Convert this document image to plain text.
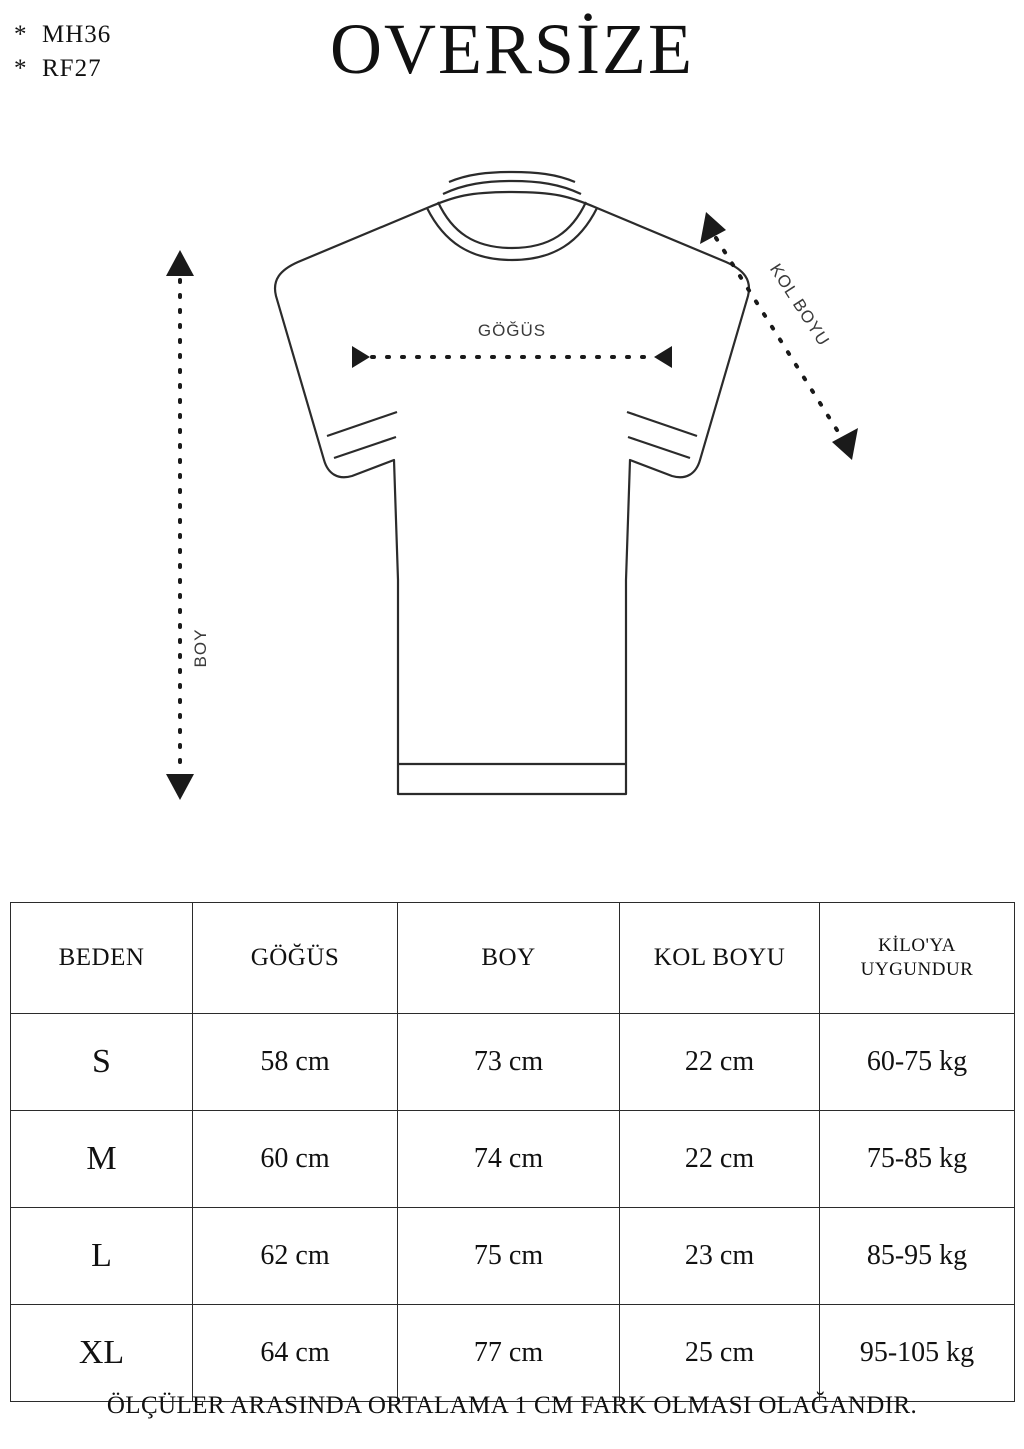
*  MH36
*  RF27	OVERSİZE
GÖĞÜS
BOY
KOL BOYU
BEDEN	GÖĞÜS	BOY	KOL BOYU	KİLO'YA
UYGUNDUR
S	58 cm	73 cm	22 cm	60-75 kg
M	60 cm	74 cm	22 cm	75-85 kg
L	62 cm	75 cm	23 cm	85-95 kg
XL	64 cm	77 cm	25 cm	95-105 kg
ÖLÇÜLER ARASINDA ORTALAMA 1 CM FARK OLMASI OLAĞANDIR.
